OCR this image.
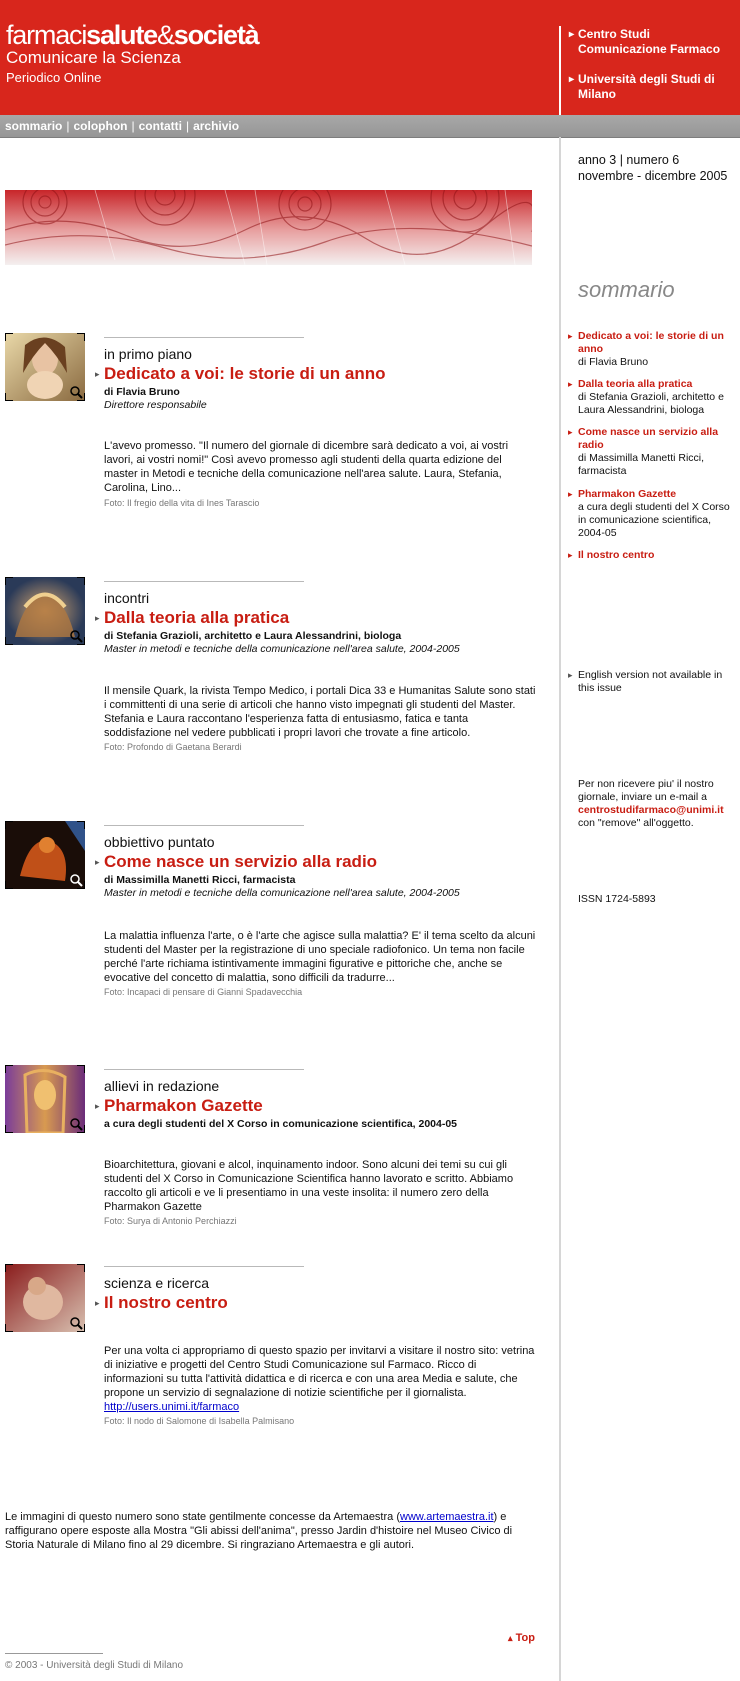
farmacisalute&società
Comunicare la Scienza
Periodico Online
▸ Centro Studi Comunicazione Farmaco
▸ Università degli Studi di Milano
sommario | colophon | contatti | archivio
in primo piano
▸ Dedicato a voi: le storie di un anno
di Flavia Bruno
Direttore responsabile
L'avevo promesso. "Il numero del giornale di dicembre sarà dedicato a voi, ai vostri lavori, ai vostri nomi!" Così avevo promesso agli studenti della quarta edizione del master in Metodi e tecniche della comunicazione nell'area salute. Laura, Stefania, Carolina, Lino...
Foto: Il fregio della vita di Ines Tarascio
incontri
▸ Dalla teoria alla pratica
di Stefania Grazioli, architetto e Laura Alessandrini, biologa
Master in metodi e tecniche della comunicazione nell'area salute, 2004-2005
Il mensile Quark, la rivista Tempo Medico, i portali Dica 33 e Humanitas Salute sono stati i committenti di una serie di articoli che hanno visto impegnati gli studenti del Master. Stefania e Laura raccontano l'esperienza fatta di entusiasmo, fatica e tanta soddisfazione nel vedere pubblicati i propri lavori che trovate a fine articolo.
Foto: Profondo di Gaetana Berardi
obbiettivo puntato
▸ Come nasce un servizio alla radio
di Massimilla Manetti Ricci, farmacista
Master in metodi e tecniche della comunicazione nell'area salute, 2004-2005
La malattia influenza l'arte, o è l'arte che agisce sulla malattia? E' il tema scelto da alcuni studenti del Master per la registrazione di uno speciale radiofonico. Un tema non facile perché l'arte richiama istintivamente immagini figurative e pittoriche che, anche se evocative del concetto di malattia, sono difficili da tradurre...
Foto: Incapaci di pensare di Gianni Spadavecchia
allievi in redazione
▸ Pharmakon Gazette
a cura degli studenti del X Corso in comunicazione scientifica, 2004-05
Bioarchitettura, giovani e alcol, inquinamento indoor. Sono alcuni dei temi su cui gli studenti del X Corso in Comunicazione Scientifica hanno lavorato e scritto. Abbiamo raccolto gli articoli e ve li presentiamo in una veste insolita: il numero zero della Pharmakon Gazette
Foto: Surya di Antonio Perchiazzi
scienza e ricerca
▸ Il nostro centro
Per una volta ci appropriamo di questo spazio per invitarvi a visitare il nostro sito: vetrina di iniziative e progetti del Centro Studi Comunicazione sul Farmaco. Ricco di informazioni su tutta l'attività didattica e di ricerca e con una area Media e salute, che propone un servizio di segnalazione di notizie scientifiche per il giornalista.
http://users.unimi.it/farmaco
Foto: Il nodo di Salomone di Isabella Palmisano
anno 3 | numero 6
novembre - dicembre 2005
sommario
▸ Dedicato a voi: le storie di un anno
di Flavia Bruno
▸ Dalla teoria alla pratica
di Stefania Grazioli, architetto e Laura Alessandrini, biologa
▸ Come nasce un servizio alla radio
di Massimilla Manetti Ricci, farmacista
▸ Pharmakon Gazette
a cura degli studenti del X Corso in comunicazione scientifica, 2004-05
▸ Il nostro centro
▸ English version not available in this issue
Per non ricevere piu' il nostro giornale, inviare un e-mail a centrostudifarmaco@unimi.it con "remove" all'oggetto.
ISSN 1724-5893
Le immagini di questo numero sono state gentilmente concesse da Artemaestra (www.artemaestra.it) e raffigurano opere esposte alla Mostra "Gli abissi dell'anima", presso Jardin d'histoire nel Museo Civico di Storia Naturale di Milano fino al 29 dicembre. Si ringraziano Artemaestra e gli autori.
▴ Top
© 2003 - Università degli Studi di Milano
